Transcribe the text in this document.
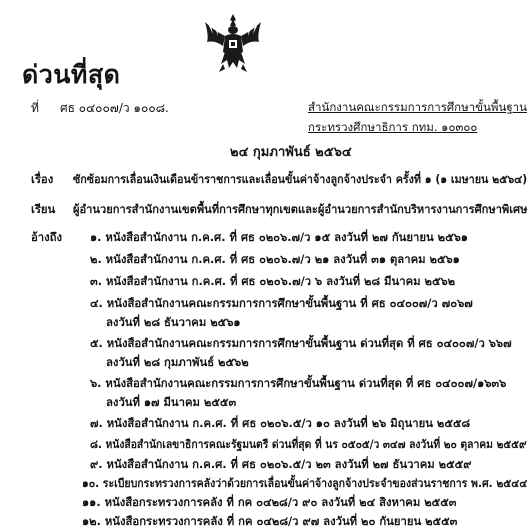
ด่วนที่สุด
ที่ ศธ ๐๔๐๐๗/ว ๑๐๐๘.	สำนักงานคณะกรรมการการศึกษาขั้นพื้นฐาน
กระทรวงศึกษาธิการ กทม. ๑๐๓๐๐
๒๔ กุมภาพันธ์ ๒๕๖๔
เรื่อง ซักซ้อมการเลื่อนเงินเดือนข้าราชการและเลื่อนขั้นค่าจ้างลูกจ้างประจำ ครั้งที่ ๑ (๑ เมษายน ๒๕๖๔)
เรียน ผู้อำนวยการสำนักงานเขตพื้นที่การศึกษาทุกเขตและผู้อำนวยการสำนักบริหารงานการศึกษาพิเศษ
อ้างถึง ๑. หนังสือสำนักงาน ก.ค.ศ. ที่ ศธ ๐๒๐๖.๗/ว ๑๕ ลงวันที่ ๒๗ กันยายน ๒๕๖๑
๒. หนังสือสำนักงาน ก.ค.ศ. ที่ ศธ ๐๒๐๖.๗/ว ๒๑ ลงวันที่ ๓๑ ตุลาคม ๒๕๖๑
๓. หนังสือสำนักงาน ก.ค.ศ. ที่ ศธ ๐๒๐๖.๗/ว ๖ ลงวันที่ ๒๘ มีนาคม ๒๕๖๒
๔. หนังสือสำนักงานคณะกรรมการการศึกษาขั้นพื้นฐาน ที่ ศธ ๐๔๐๐๗/ว ๗๐๖๗
ลงวันที่ ๒๘ ธันวาคม ๒๕๖๑
๕. หนังสือสำนักงานคณะกรรมการการศึกษาขั้นพื้นฐาน ด่วนที่สุด ที่ ศธ ๐๔๐๐๗/ว ๖๖๗
ลงวันที่ ๒๘ กุมภาพันธ์ ๒๕๖๒
๖. หนังสือสำนักงานคณะกรรมการการศึกษาขั้นพื้นฐาน ด่วนที่สุด ที่ ศธ ๐๔๐๐๗/๑๖๓๖
ลงวันที่ ๑๗ มีนาคม ๒๕๕๓
๗. หนังสือสำนักงาน ก.ค.ศ. ที่ ศธ ๐๒๐๖.๕/ว ๑๐ ลงวันที่ ๒๖ มิถุนายน ๒๕๕๘
๘. หนังสือสำนักเลขาธิการคณะรัฐมนตรี ด่วนที่สุด ที่ นร ๐๕๐๕/ว ๓๔๗ ลงวันที่ ๒๐ ตุลาคม ๒๕๕๙
๙. หนังสือสำนักงาน ก.ค.ศ. ที่ ศธ ๐๒๐๖.๕/ว ๒๓ ลงวันที่ ๒๗ ธันวาคม ๒๕๕๙
๑๐. ระเบียบกระทรวงการคลังว่าด้วยการเลื่อนขั้นค่าจ้างลูกจ้างประจำของส่วนราชการ พ.ศ. ๒๕๔๔
๑๑. หนังสือกระทรวงการคลัง ที่ กค ๐๔๒๘/ว ๙๐ ลงวันที่ ๒๔ สิงหาคม ๒๕๕๓
๑๒. หนังสือกระทรวงการคลัง ที่ กค ๐๔๒๘/ว ๙๗ ลงวันที่ ๒๐ กันยายน ๒๕๕๓
